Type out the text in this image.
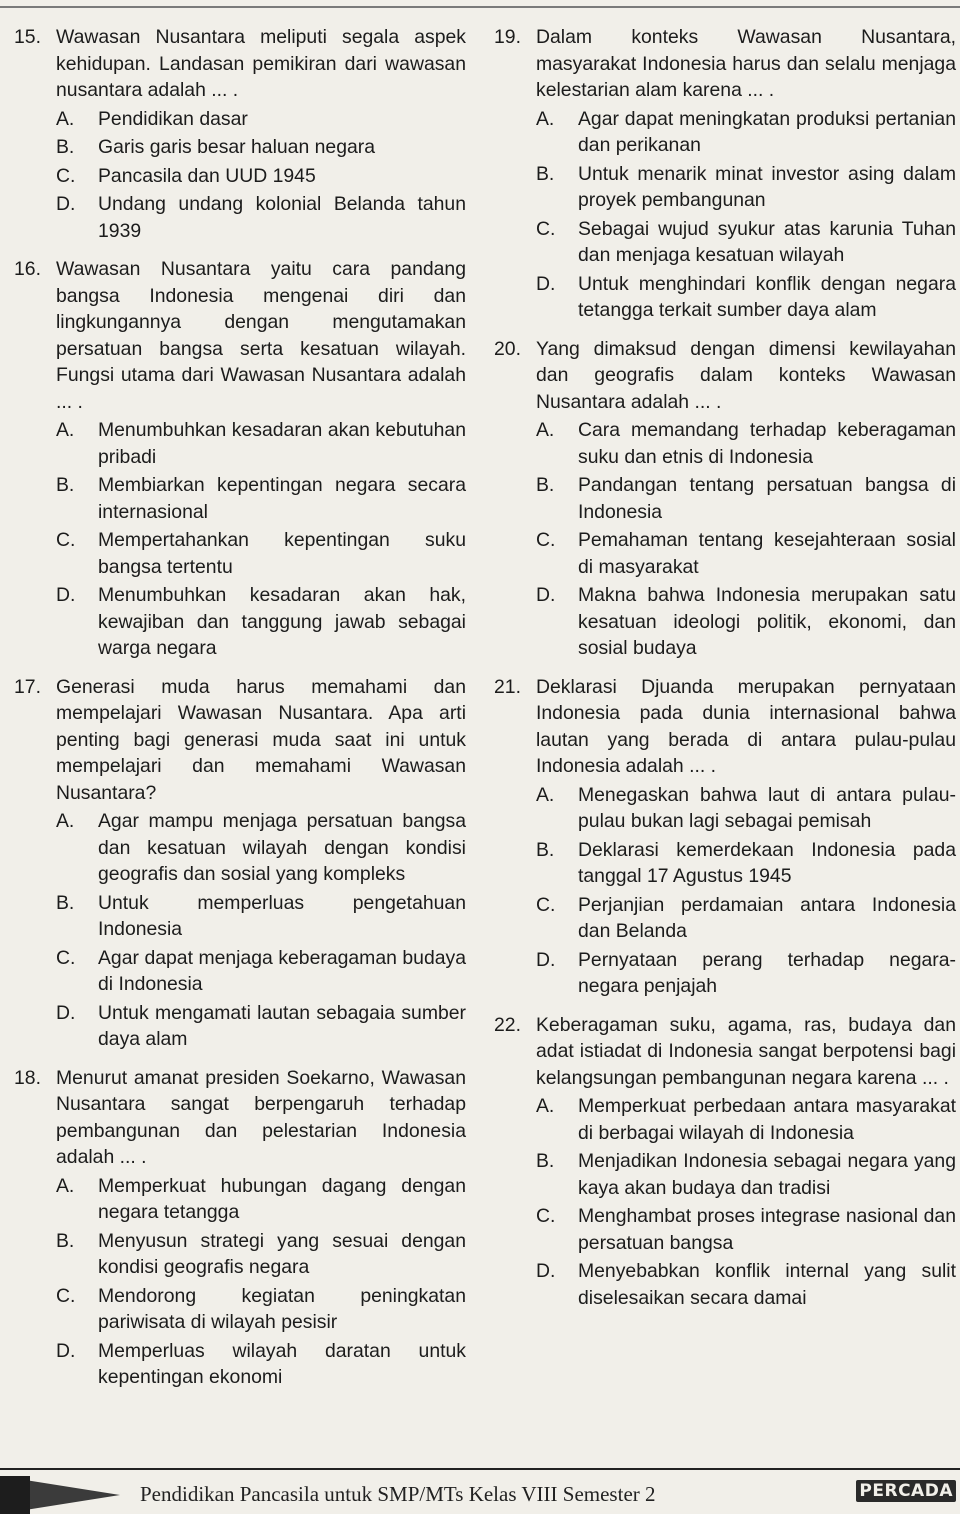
15. Wawasan Nusantara meliputi segala aspek kehidupan. Landasan pemikiran dari wawasan nusantara adalah ... .
A.	Pendidikan dasar
B.	Garis garis besar haluan negara
C.	Pancasila dan UUD 1945
D.	Undang undang kolonial Belanda tahun 1939
16. Wawasan Nusantara yaitu cara pandang bangsa Indonesia mengenai diri dan lingkungannya dengan mengutamakan persatuan bangsa serta kesatuan wilayah. Fungsi utama dari Wawasan Nusantara adalah ... .
A.	Menumbuhkan kesadaran akan kebutuhan pribadi
B.	Membiarkan kepentingan negara secara internasional
C.	Mempertahankan kepentingan suku bangsa tertentu
D.	Menumbuhkan kesadaran akan hak, kewajiban dan tanggung jawab sebagai warga negara
17. Generasi muda harus memahami dan mempelajari Wawasan Nusantara. Apa arti penting bagi generasi muda saat ini untuk mempelajari dan memahami Wawasan Nusantara?
A.	Agar mampu menjaga persatuan bangsa dan kesatuan wilayah dengan kondisi geografis dan sosial yang kompleks
B.	Untuk memperluas pengetahuan Indonesia
C.	Agar dapat menjaga keberagaman budaya di Indonesia
D.	Untuk mengamati lautan sebagaia sumber daya alam
18. Menurut amanat presiden Soekarno, Wawasan Nusantara sangat berpengaruh terhadap pembangunan dan pelestarian Indonesia adalah ... .
A.	Memperkuat hubungan dagang dengan negara tetangga
B.	Menyusun strategi yang sesuai dengan kondisi geografis negara
C.	Mendorong kegiatan peningkatan pariwisata di wilayah pesisir
D.	Memperluas wilayah daratan untuk kepentingan ekonomi
19. Dalam konteks Wawasan Nusantara, masyarakat Indonesia harus dan selalu menjaga kelestarian alam karena ... .
A.	Agar dapat meningkatan produksi pertanian dan perikanan
B.	Untuk menarik minat investor asing dalam proyek pembangunan
C.	Sebagai wujud syukur atas karunia Tuhan dan menjaga kesatuan wilayah
D.	Untuk menghindari konflik dengan negara tetangga terkait sumber daya alam
20. Yang dimaksud dengan dimensi kewilayahan dan geografis dalam konteks Wawasan Nusantara adalah ... .
A.	Cara memandang terhadap keberagaman suku dan etnis di Indonesia
B.	Pandangan tentang persatuan bangsa di Indonesia
C.	Pemahaman tentang kesejahteraan sosial di masyarakat
D.	Makna bahwa Indonesia merupakan satu kesatuan ideologi politik, ekonomi, dan sosial budaya
21. Deklarasi Djuanda merupakan pernyataan Indonesia pada dunia internasional bahwa lautan yang berada di antara pulau-pulau Indonesia adalah ... .
A.	Menegaskan bahwa laut di antara pulau-pulau bukan lagi sebagai pemisah
B.	Deklarasi kemerdekaan Indonesia pada tanggal 17 Agustus 1945
C.	Perjanjian perdamaian antara Indonesia dan Belanda
D.	Pernyataan perang terhadap negara-negara penjajah
22. Keberagaman suku, agama, ras, budaya dan adat istiadat di Indonesia sangat berpotensi bagi kelangsungan pembangunan negara karena ... .
A.	Memperkuat perbedaan antara masyarakat di berbagai wilayah di Indonesia
B.	Menjadikan Indonesia sebagai negara yang kaya akan budaya dan tradisi
C.	Menghambat proses integrase nasional dan persatuan bangsa
D.	Menyebabkan konflik internal yang sulit diselesaikan secara damai
Pendidikan Pancasila untuk SMP/MTs Kelas VIII Semester 2	PERCADA
